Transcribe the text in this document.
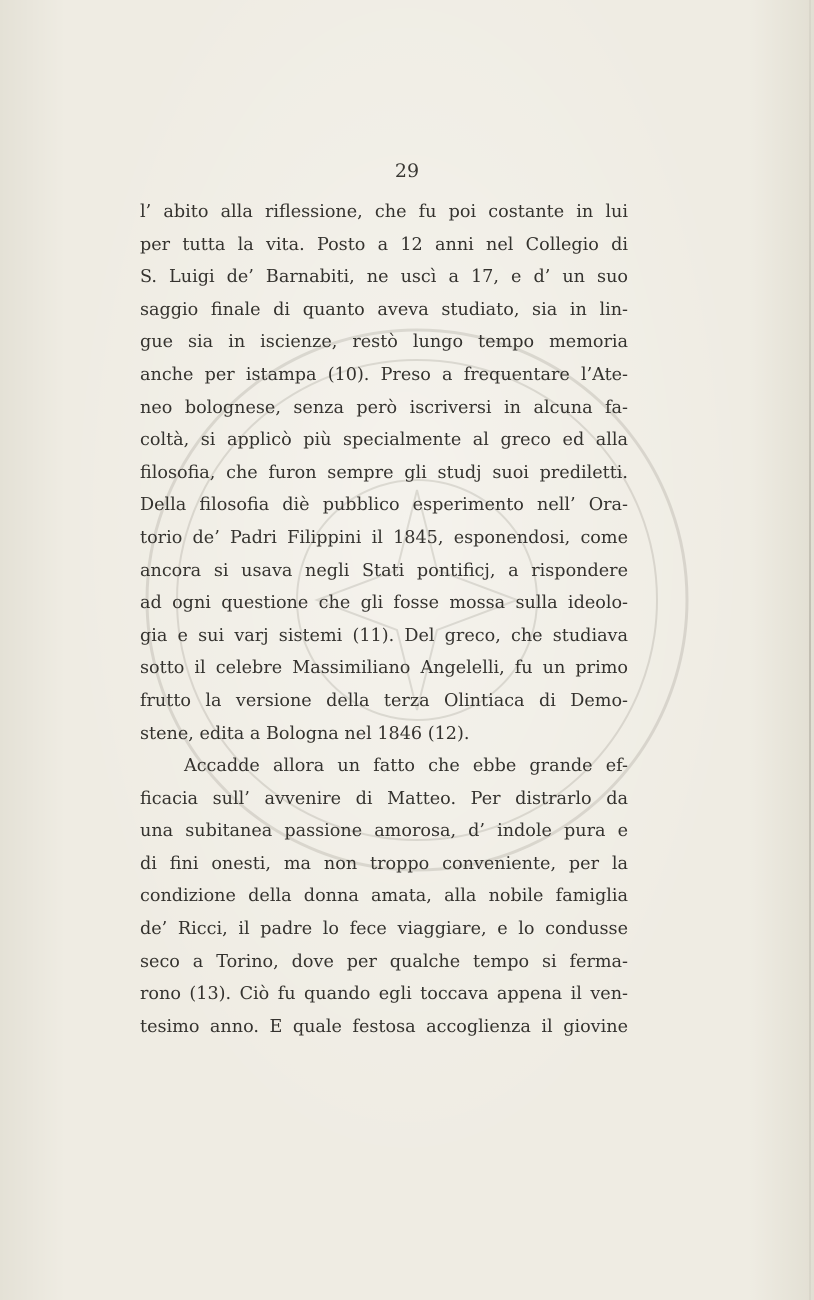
29
l’ abito alla riflessione, che fu poi costante in lui
per tutta la vita. Posto a 12 anni nel Collegio di
S. Luigi de’ Barnabiti, ne uscì a 17, e d’ un suo
saggio finale di quanto aveva studiato, sia in lin-
gue sia in iscienze, restò lungo tempo memoria
anche per istampa (10). Preso a frequentare l’Ate-
neo bolognese, senza però iscriversi in alcuna fa-
coltà, si applicò più specialmente al greco ed alla
filosofia, che furon sempre gli studj suoi prediletti.
Della filosofia diè pubblico esperimento nell’ Ora-
torio de’ Padri Filippini il 1845, esponendosi, come
ancora si usava negli Stati pontificj, a rispondere
ad ogni questione che gli fosse mossa sulla ideolo-
gia e sui varj sistemi (11). Del greco, che studiava
sotto il celebre Massimiliano Angelelli, fu un primo
frutto la versione della terza Olintiaca di Demo-
stene, edita a Bologna nel 1846 (12).
Accadde allora un fatto che ebbe grande ef-
ficacia sull’ avvenire di Matteo. Per distrarlo da
una subitanea passione amorosa, d’ indole pura e
di fini onesti, ma non troppo conveniente, per la
condizione della donna amata, alla nobile famiglia
de’ Ricci, il padre lo fece viaggiare, e lo condusse
seco a Torino, dove per qualche tempo si ferma-
rono (13). Ciò fu quando egli toccava appena il ven-
tesimo anno. E quale festosa accoglienza il giovine
